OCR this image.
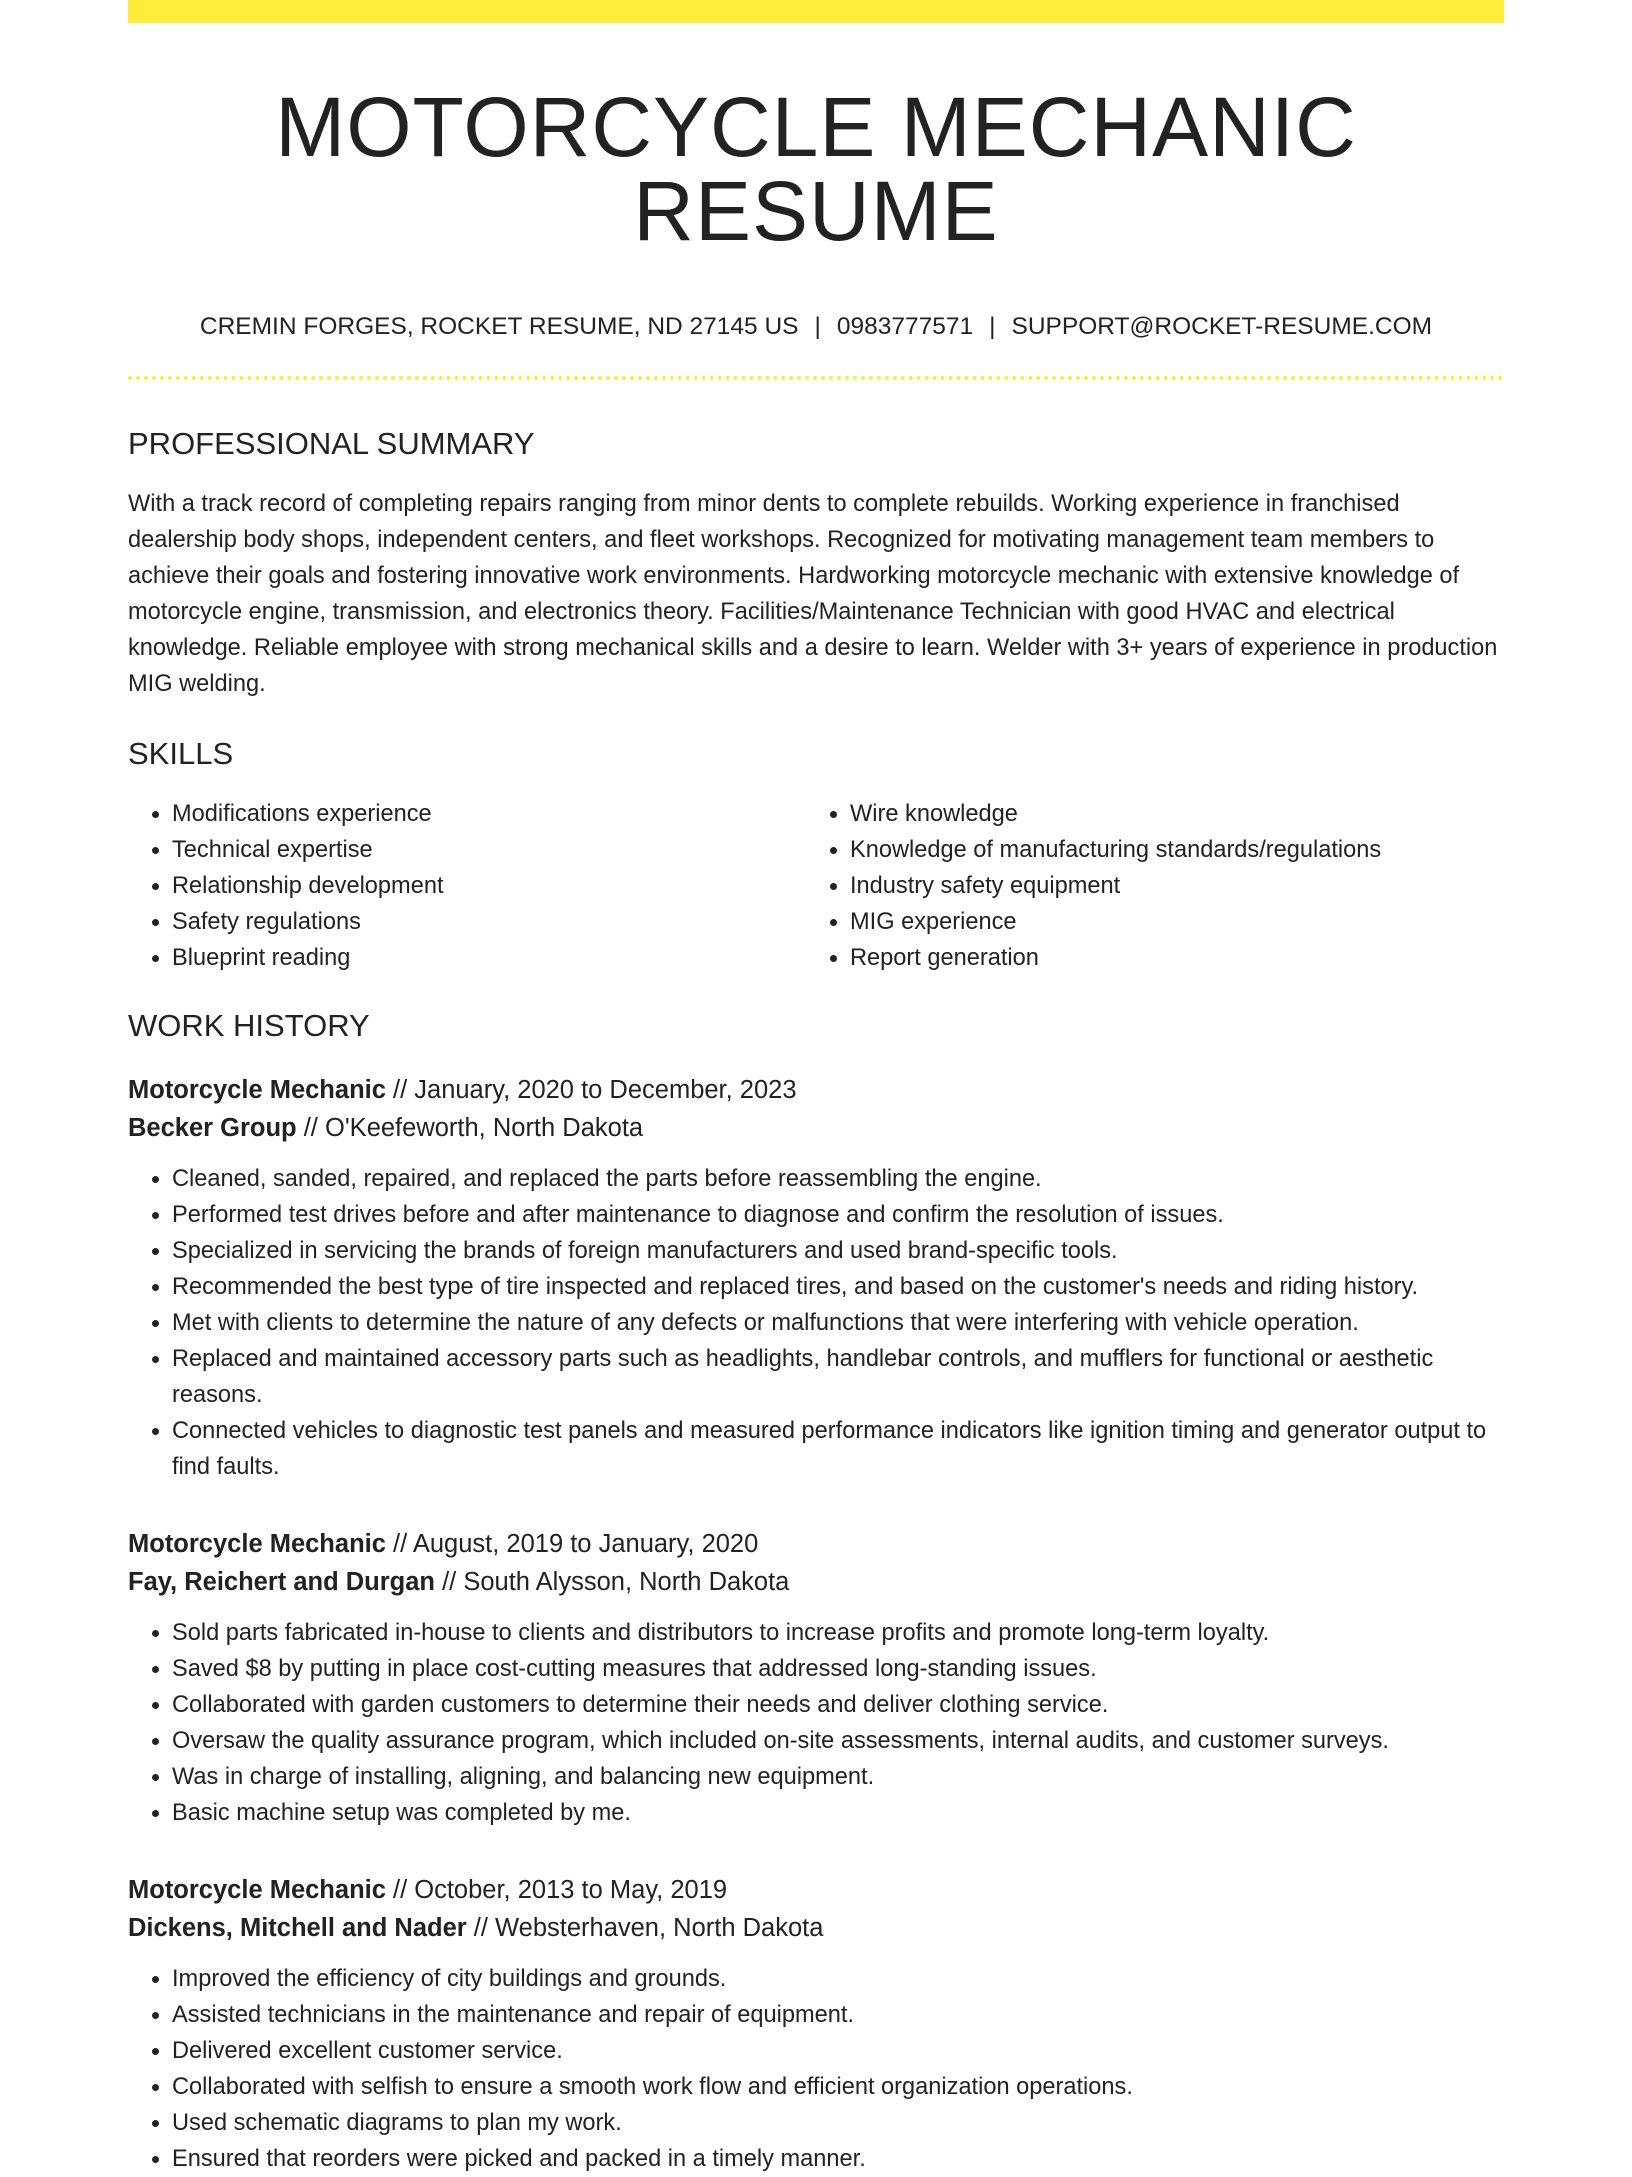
MOTORCYCLE MECHANIC RESUME
CREMIN FORGES, ROCKET RESUME, ND 27145 US | 0983777571 | SUPPORT@ROCKET-RESUME.COM
PROFESSIONAL SUMMARY
With a track record of completing repairs ranging from minor dents to complete rebuilds. Working experience in franchised dealership body shops, independent centers, and fleet workshops. Recognized for motivating management team members to achieve their goals and fostering innovative work environments. Hardworking motorcycle mechanic with extensive knowledge of motorcycle engine, transmission, and electronics theory. Facilities/Maintenance Technician with good HVAC and electrical knowledge. Reliable employee with strong mechanical skills and a desire to learn. Welder with 3+ years of experience in production MIG welding.
SKILLS
• Modifications experience
• Technical expertise
• Relationship development
• Safety regulations
• Blueprint reading
• Wire knowledge
• Knowledge of manufacturing standards/regulations
• Industry safety equipment
• MIG experience
• Report generation
WORK HISTORY
Motorcycle Mechanic // January, 2020 to December, 2023
Becker Group // O'Keefeworth, North Dakota
• Cleaned, sanded, repaired, and replaced the parts before reassembling the engine.
• Performed test drives before and after maintenance to diagnose and confirm the resolution of issues.
• Specialized in servicing the brands of foreign manufacturers and used brand-specific tools.
• Recommended the best type of tire inspected and replaced tires, and based on the customer's needs and riding history.
• Met with clients to determine the nature of any defects or malfunctions that were interfering with vehicle operation.
• Replaced and maintained accessory parts such as headlights, handlebar controls, and mufflers for functional or aesthetic reasons.
• Connected vehicles to diagnostic test panels and measured performance indicators like ignition timing and generator output to find faults.
Motorcycle Mechanic // August, 2019 to January, 2020
Fay, Reichert and Durgan // South Alysson, North Dakota
• Sold parts fabricated in-house to clients and distributors to increase profits and promote long-term loyalty.
• Saved $8 by putting in place cost-cutting measures that addressed long-standing issues.
• Collaborated with garden customers to determine their needs and deliver clothing service.
• Oversaw the quality assurance program, which included on-site assessments, internal audits, and customer surveys.
• Was in charge of installing, aligning, and balancing new equipment.
• Basic machine setup was completed by me.
Motorcycle Mechanic // October, 2013 to May, 2019
Dickens, Mitchell and Nader // Websterhaven, North Dakota
• Improved the efficiency of city buildings and grounds.
• Assisted technicians in the maintenance and repair of equipment.
• Delivered excellent customer service.
• Collaborated with selfish to ensure a smooth work flow and efficient organization operations.
• Used schematic diagrams to plan my work.
• Ensured that reorders were picked and packed in a timely manner.
